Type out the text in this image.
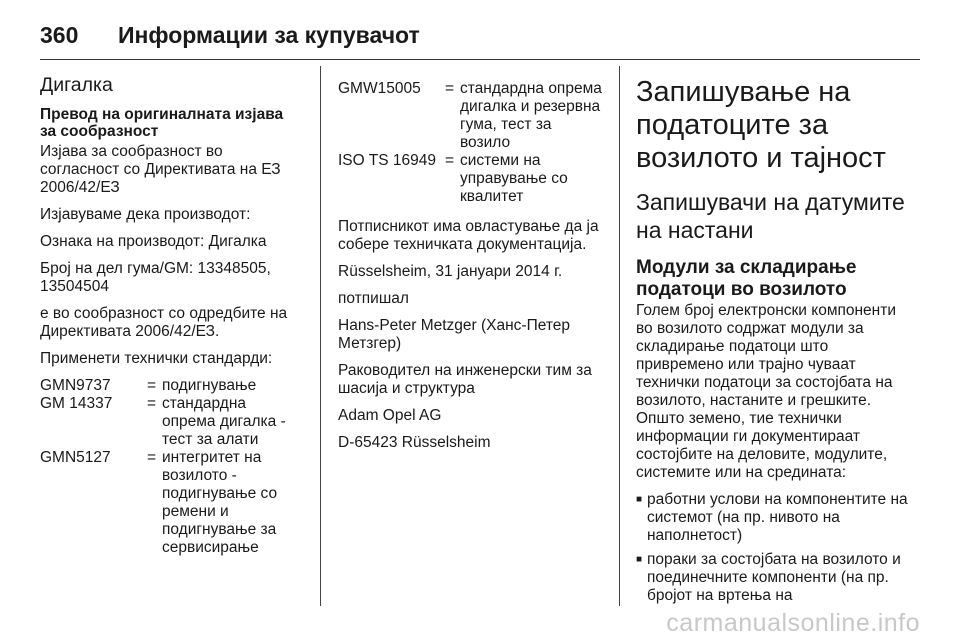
360	Информации за купувачот
Дигалка
Превод на оригиналната изјава за сообразност

Изјава за сообразност во согласност со Директивата на ЕЗ 2006/42/ЕЗ

Изјавуваме дека производот:

Ознака на производот: Дигалка

Број на дел гума/GM: 13348505, 13504504

е во сообразност со одредбите на Директивата 2006/42/ЕЗ.

Применети технички стандарди:

GMN9737	= подигнување
GM 14337	= стандардна опрема дигалка - тест за алати
GMN5127	= интегритет на возилото - подигнување со ремени и подигнување за сервисирање
GMW15005	= стандардна опрема дигалка и резервна гума, тест за возило
ISO TS 16949 = системи на управување со квалитет

Потписникот има овластување да ја собере техничката документација.

Rüsselsheim, 31 јануари 2014 г.

потпишал

Hans-Peter Metzger (Ханс-Петер Метзгер)

Раководител на инженерски тим за шасија и структура

Adam Opel AG

D-65423 Rüsselsheim

Запишување на податоците за возилото и тајност
Запишувачи на датумите на настани
Модули за складирање податоци во возилото

Голем број електронски компоненти во возилото содржат модули за складирање податоци што привремено или трајно чуваат технички податоци за состојбата на возилото, настаните и грешките. Општо земено, тие технички информации ги документираат состојбите на деловите, модулите, системите или на средината:

■ работни услови на компонентите на системот (на пр. нивото на наполнетост)
■ пораки за состојбата на возилото и поединечните компоненти (на пр. бројот на вртења на
carmanualsonline.info
